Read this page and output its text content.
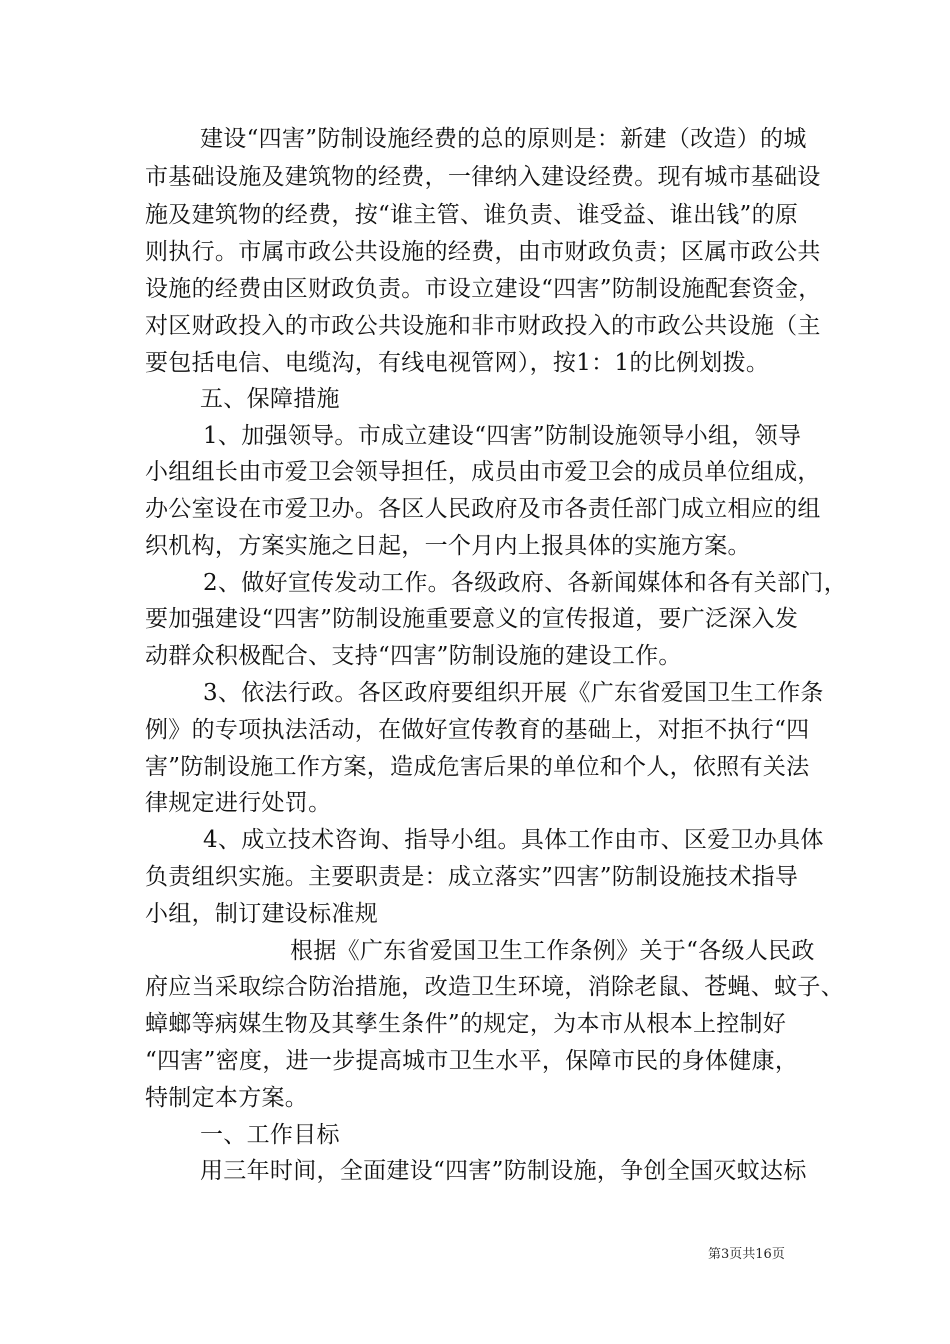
建设“四害”防制设施经费的总的原则是：新建（改造）的城
市基础设施及建筑物的经费，一律纳入建设经费。现有城市基础设
施及建筑物的经费，按“谁主管、谁负责、谁受益、谁出钱”的原
则执行。市属市政公共设施的经费，由市财政负责；区属市政公共
设施的经费由区财政负责。市设立建设“四害”防制设施配套资金，
对区财政投入的市政公共设施和非市财政投入的市政公共设施（主
要包括电信、电缆沟，有线电视管网），按1：1的比例划拨。
五、保障措施
1、加强领导。市成立建设“四害”防制设施领导小组，领导
小组组长由市爱卫会领导担任，成员由市爱卫会的成员单位组成，
办公室设在市爱卫办。各区人民政府及市各责任部门成立相应的组
织机构，方案实施之日起，一个月内上报具体的实施方案。
2、做好宣传发动工作。各级政府、各新闻媒体和各有关部门，
要加强建设“四害”防制设施重要意义的宣传报道，要广泛深入发
动群众积极配合、支持“四害”防制设施的建设工作。
3、依法行政。各区政府要组织开展《广东省爱国卫生工作条
例》的专项执法活动，在做好宣传教育的基础上，对拒不执行“四
害”防制设施工作方案，造成危害后果的单位和个人，依照有关法
律规定进行处罚。
4、成立技术咨询、指导小组。具体工作由市、区爱卫办具体
负责组织实施。主要职责是：成立落实”四害”防制设施技术指导
小组，制订建设标准规
根据《广东省爱国卫生工作条例》关于“各级人民政
府应当采取综合防治措施，改造卫生环境，消除老鼠、苍蝇、蚊子、
蟑螂等病媒生物及其孳生条件”的规定，为本市从根本上控制好
“四害”密度，进一步提高城市卫生水平，保障市民的身体健康，
特制定本方案。
一、工作目标
用三年时间，全面建设“四害”防制设施，争创全国灭蚊达标
第3页共16页
